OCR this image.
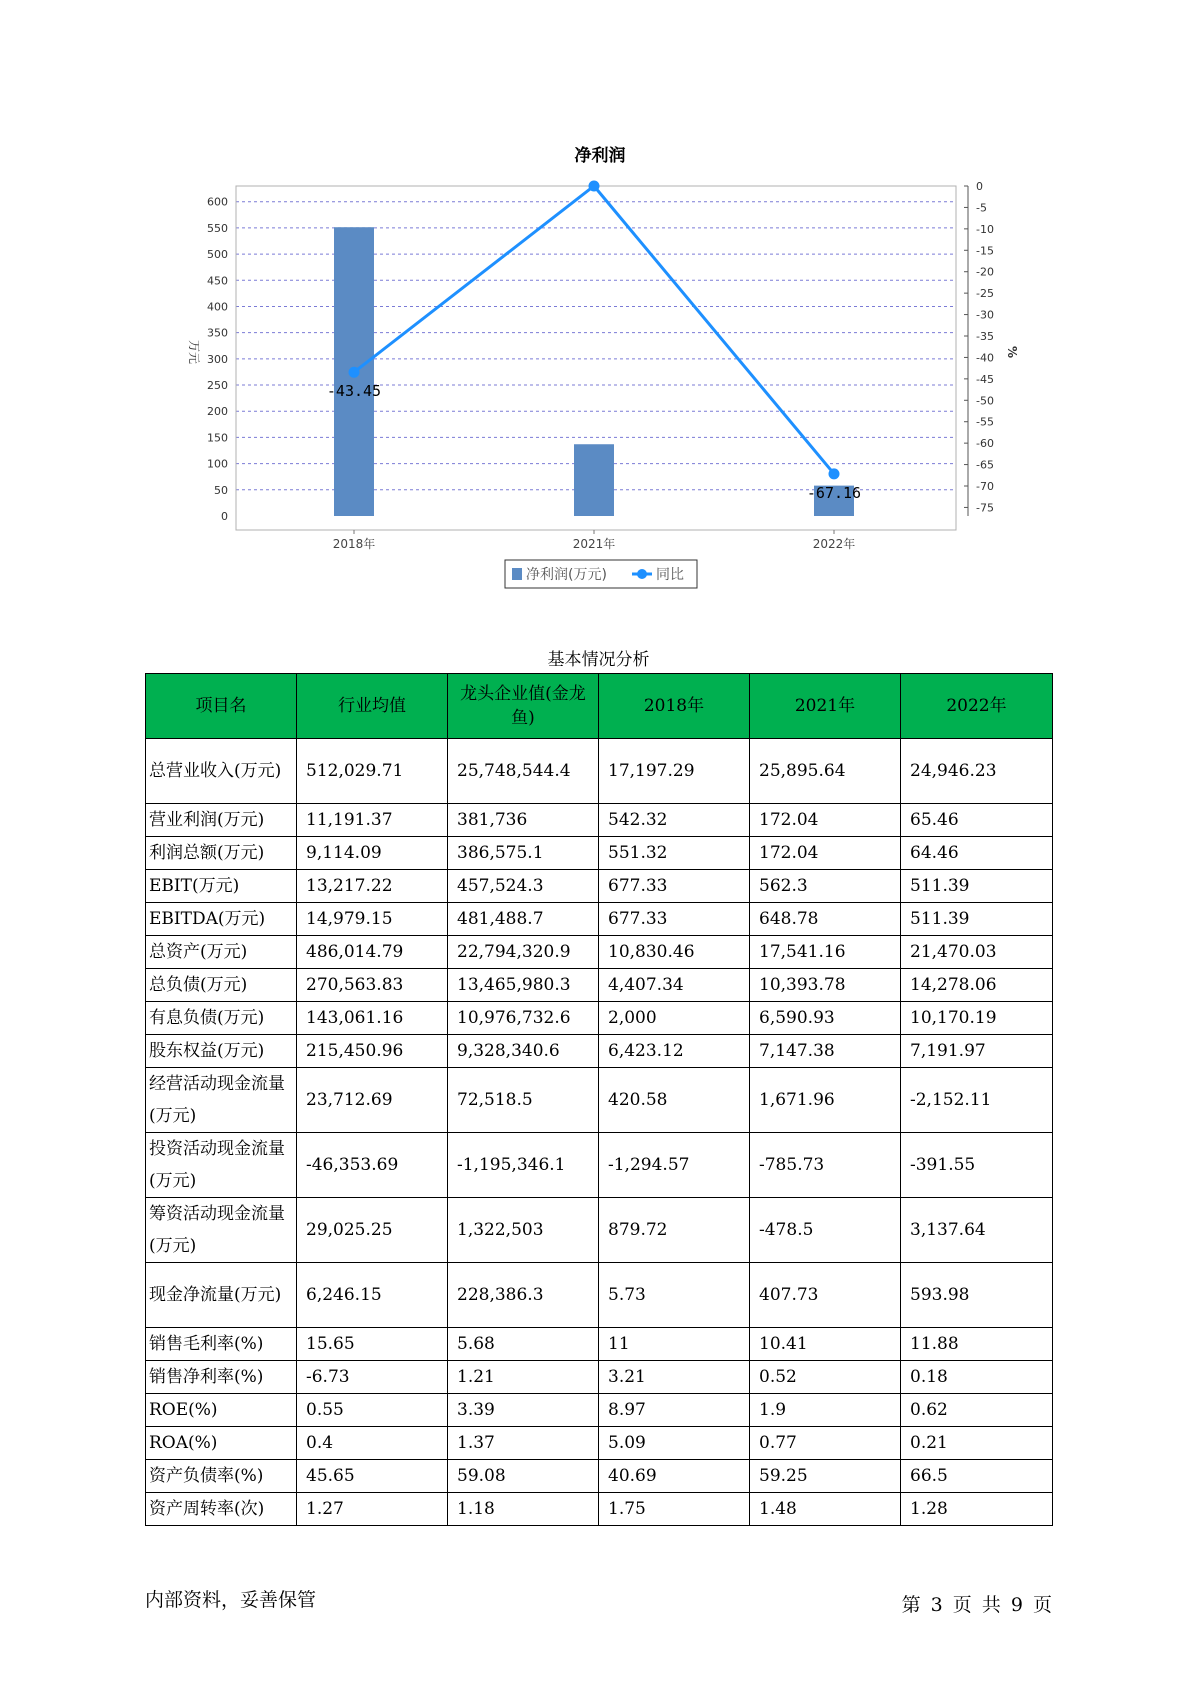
净利润
0
50
100
150
200
250
300
350
400
450
500
550
600
0
-5
-10
-15
-20
-25
-30
-35
-40
-45
-50
-55
-60
-65
-70
-75
2018年	2021年	2022年
万元	%
-43.45
-67.16
净利润(万元)	同比
基本情况分析
项目名	行业均值	龙头企业值(金龙鱼)	2018年	2021年	2022年
总营业收入(万元)	512,029.71	25,748,544.4	17,197.29	25,895.64	24,946.23
营业利润(万元)	11,191.37	381,736	542.32	172.04	65.46
利润总额(万元)	9,114.09	386,575.1	551.32	172.04	64.46
EBIT(万元)	13,217.22	457,524.3	677.33	562.3	511.39
EBITDA(万元)	14,979.15	481,488.7	677.33	648.78	511.39
总资产(万元)	486,014.79	22,794,320.9	10,830.46	17,541.16	21,470.03
总负债(万元)	270,563.83	13,465,980.3	4,407.34	10,393.78	14,278.06
有息负债(万元)	143,061.16	10,976,732.6	2,000	6,590.93	10,170.19
股东权益(万元)	215,450.96	9,328,340.6	6,423.12	7,147.38	7,191.97
经营活动现金流量(万元)	23,712.69	72,518.5	420.58	1,671.96	-2,152.11
投资活动现金流量(万元)	-46,353.69	-1,195,346.1	-1,294.57	-785.73	-391.55
筹资活动现金流量(万元)	29,025.25	1,322,503	879.72	-478.5	3,137.64
现金净流量(万元)	6,246.15	228,386.3	5.73	407.73	593.98
销售毛利率(%)	15.65	5.68	11	10.41	11.88
销售净利率(%)	-6.73	1.21	3.21	0.52	0.18
ROE(%)	0.55	3.39	8.97	1.9	0.62
ROA(%)	0.4	1.37	5.09	0.77	0.21
资产负债率(%)	45.65	59.08	40.69	59.25	66.5
资产周转率(次)	1.27	1.18	1.75	1.48	1.28
内部资料，妥善保管	第 3 页 共 9 页
